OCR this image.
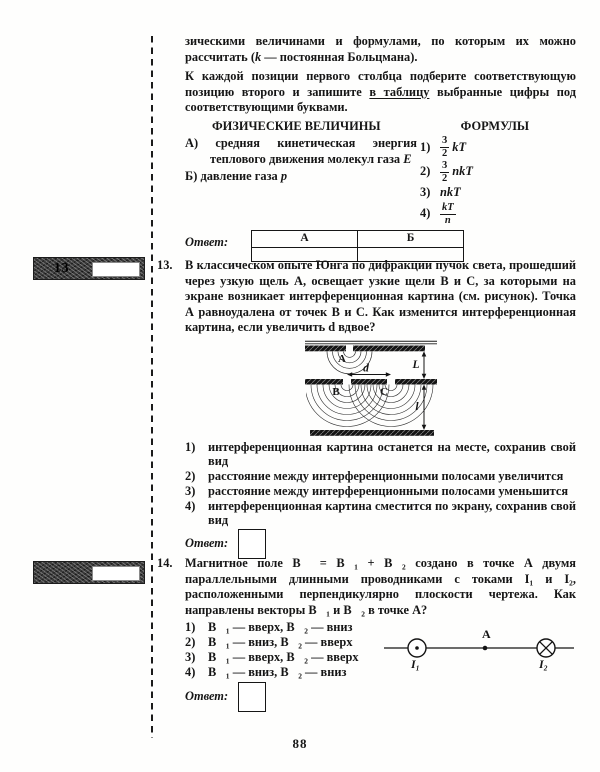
13
зическими величинами и формулами, по которым их можно рассчитать (k — постоянная Больцмана).
К каждой позиции первого столбца подберите соответствующую позицию второго и запишите в таблицу выбранные цифры под соответствующими буквами.
ФИЗИЧЕСКИЕ ВЕЛИЧИНЫ	ФОРМУЛЫ
А) средняя кинетическая энергия теплового движения молекул газа E
Б) давление газа p
$1) \frac{3}{2}$ kT
$2) \frac{3}{2}$ nkT
3) nkT
$4) \frac{kT}{n}$
Ответ:	А	Б

13. В классическом опыте Юнга по дифракции пучок света, прошедший через узкую щель А, освещает узкие щели В и С, за которыми на экране возникает интерференционная картина (см. рисунок). Точка А равноудалена от точек В и С. Как изменится интерференционная картина, если увеличить d вдвое?
A
d
B	C
L
l
1)	интерференционная картина останется на месте, сохранив свой вид
2)	расстояние между интерференционными полосами увеличится
3)	расстояние между интерференционными полосами уменьшится
4)	интерференционная картина сместится по экрану, сохранив свой вид
Ответ:
14. Магнитное поле B⃗ = B⃗₁ + B⃗₂ создано в точке А двумя параллельными длинными проводниками с токами I₁ и I₂, расположенными перпендикулярно плоскости чертежа. Как направлены векторы B⃗₁ и B⃗₂ в точке А?
1)	B⃗₁ — вверх, B⃗₂ — вниз
2)	B⃗₁ — вниз, B⃗₂ — вверх
3)	B⃗₁ — вверх, B⃗₂ — вверх
4)	B⃗₁ — вниз, B⃗₂ — вниз
I₁
A
I₂
Ответ:
88
